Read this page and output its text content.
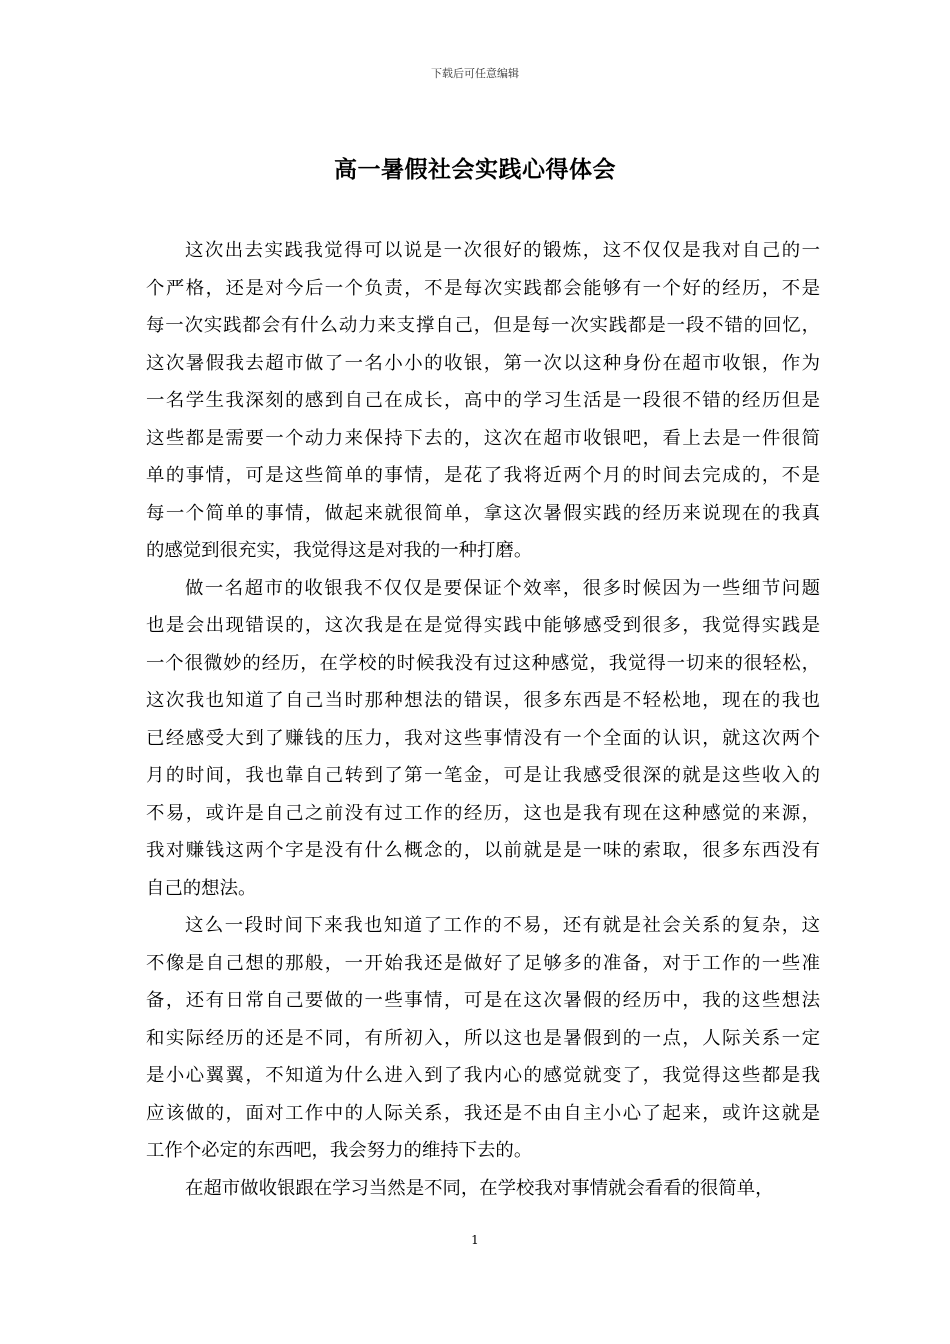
下载后可任意编辑
高一暑假社会实践心得体会
这次出去实践我觉得可以说是一次很好的锻炼，这不仅仅是我对自己的一
个严格，还是对今后一个负责，不是每次实践都会能够有一个好的经历，不是
每一次实践都会有什么动力来支撑自己，但是每一次实践都是一段不错的回忆，
这次暑假我去超市做了一名小小的收银，第一次以这种身份在超市收银，作为
一名学生我深刻的感到自己在成长，高中的学习生活是一段很不错的经历但是
这些都是需要一个动力来保持下去的，这次在超市收银吧，看上去是一件很简
单的事情，可是这些简单的事情，是花了我将近两个月的时间去完成的，不是
每一个简单的事情，做起来就很简单，拿这次暑假实践的经历来说现在的我真
的感觉到很充实，我觉得这是对我的一种打磨。
做一名超市的收银我不仅仅是要保证个效率，很多时候因为一些细节问题
也是会出现错误的，这次我是在是觉得实践中能够感受到很多，我觉得实践是
一个很微妙的经历，在学校的时候我没有过这种感觉，我觉得一切来的很轻松，
这次我也知道了自己当时那种想法的错误，很多东西是不轻松地，现在的我也
已经感受大到了赚钱的压力，我对这些事情没有一个全面的认识，就这次两个
月的时间，我也靠自己转到了第一笔金，可是让我感受很深的就是这些收入的
不易，或许是自己之前没有过工作的经历，这也是我有现在这种感觉的来源，
我对赚钱这两个字是没有什么概念的，以前就是是一味的索取，很多东西没有
自己的想法。
这么一段时间下来我也知道了工作的不易，还有就是社会关系的复杂，这
不像是自己想的那般，一开始我还是做好了足够多的准备，对于工作的一些准
备，还有日常自己要做的一些事情，可是在这次暑假的经历中，我的这些想法
和实际经历的还是不同，有所初入，所以这也是暑假到的一点，人际关系一定
是小心翼翼，不知道为什么进入到了我内心的感觉就变了，我觉得这些都是我
应该做的，面对工作中的人际关系，我还是不由自主小心了起来，或许这就是
工作个必定的东西吧，我会努力的维持下去的。
在超市做收银跟在学习当然是不同，在学校我对事情就会看看的很简单，
1
